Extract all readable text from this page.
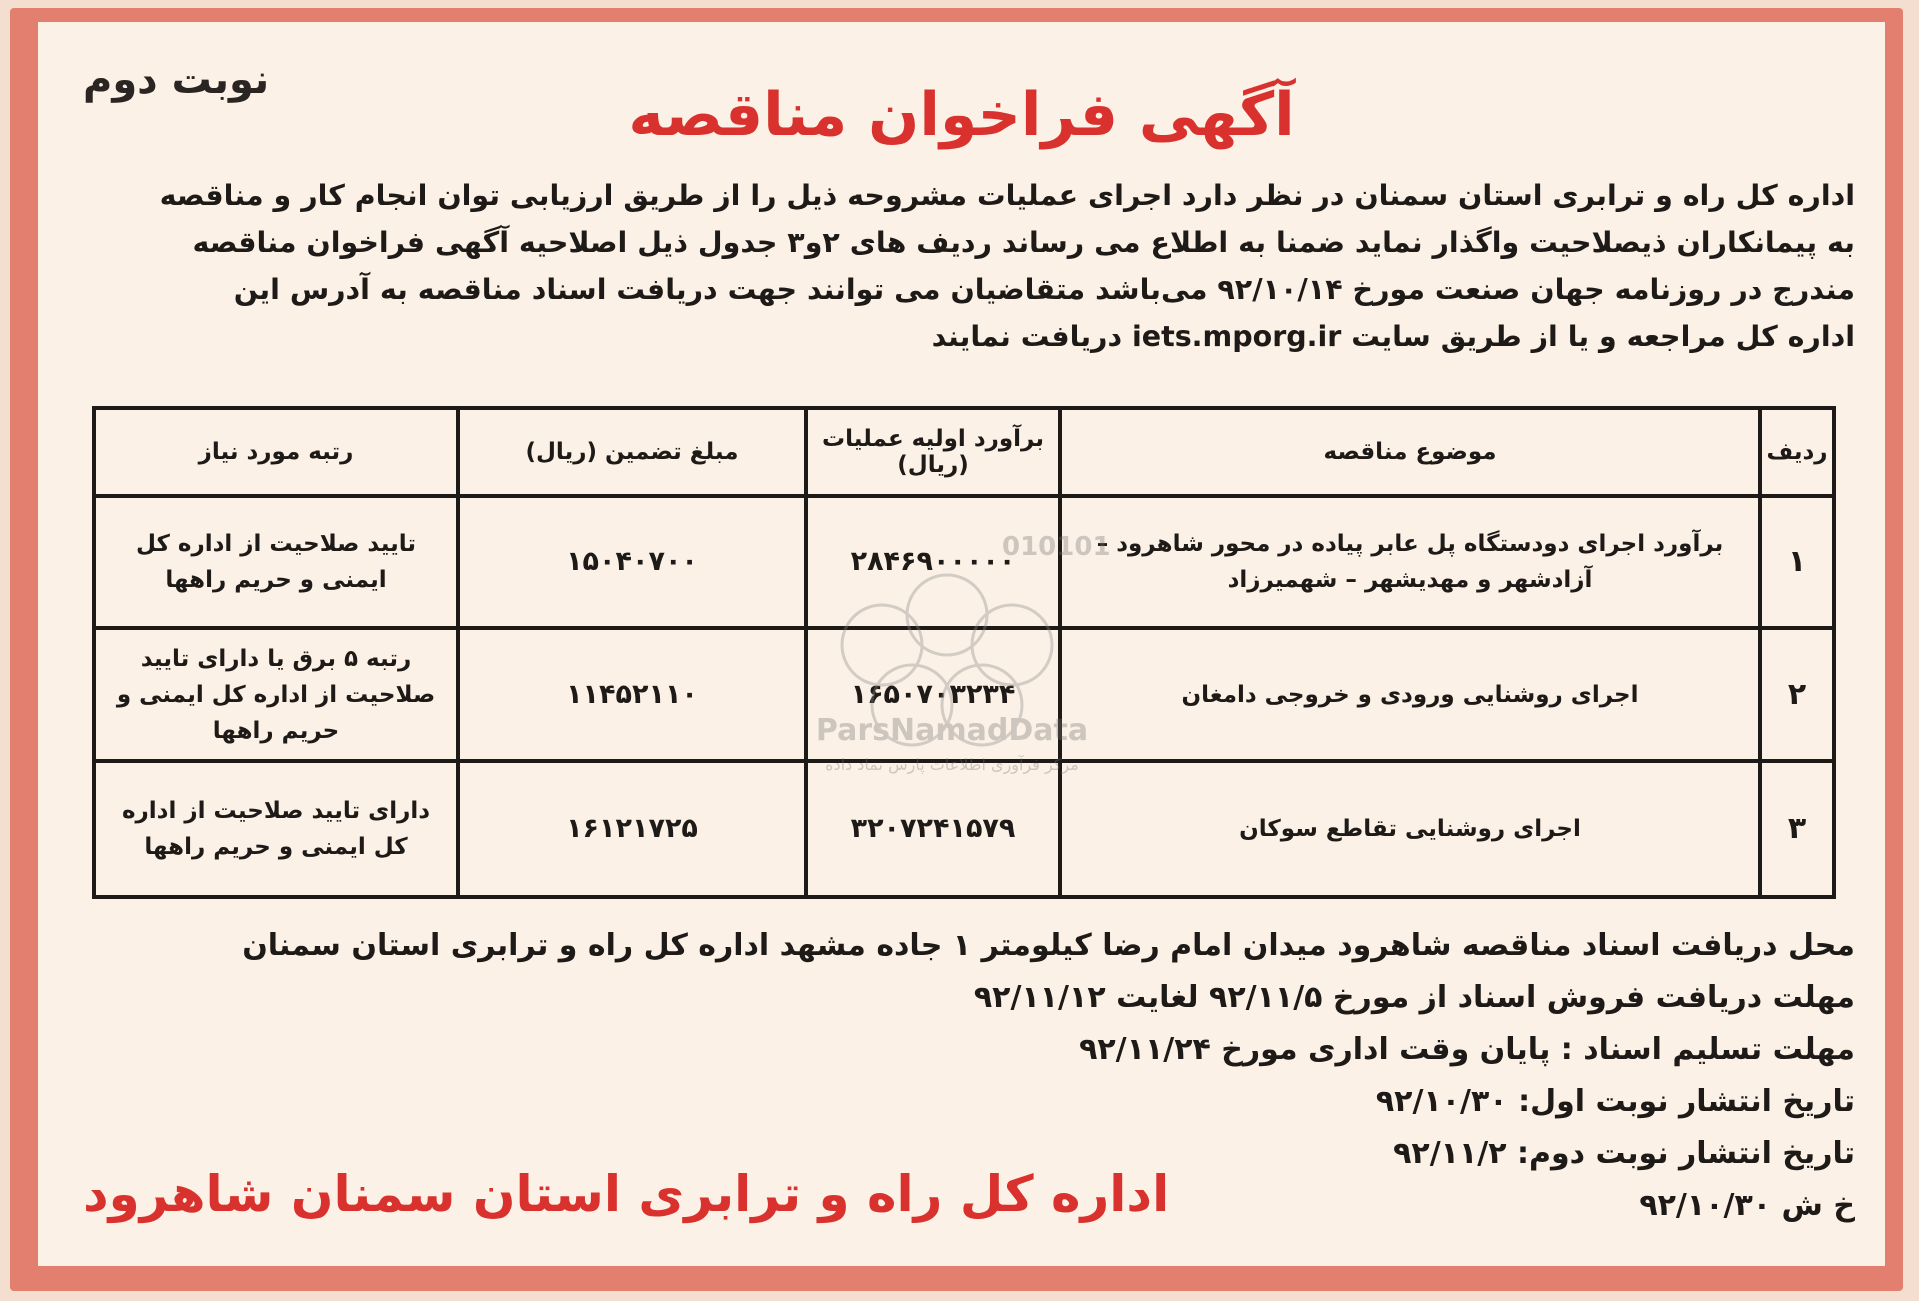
نوبت دوم	آگهی فراخوان مناقصه
اداره کل راه و ترابری استان سمنان در نظر دارد اجرای عملیات مشروحه ذیل را از طریق ارزیابی توان انجام کار و مناقصه
به پیمانکاران ذیصلاحیت واگذار نماید ضمنا به اطلاع می رساند ردیف های ۲و۳ جدول ذیل اصلاحیه آگهی فراخوان مناقصه
مندرج در روزنامه جهان صنعت مورخ ۹۲/۱۰/۱۴ می‌باشد متقاضیان می توانند جهت دریافت اسناد مناقصه به آدرس این
اداره کل مراجعه و یا از طریق سایت iets.mporg.ir دریافت نمایند
ردیف	موضوع مناقصه	برآورد اولیه عملیات (ریال)	مبلغ تضمین (ریال)	رتبه مورد نیاز
۱	برآورد اجرای دودستگاه پل عابر پیاده در محور شاهرود – آزادشهر و مهدیشهر – شهمیرزاد	۲۸۴۶۹۰۰۰۰۰	۱۵۰۴۰۷۰۰	تایید صلاحیت از اداره کل ایمنی و حریم راهها
۲	اجرای روشنایی ورودی و خروجی دامغان	۱۶۵۰۷۰۳۲۳۴	۱۱۴۵۲۱۱۰	رتبه ۵ برق یا دارای تایید صلاحیت از اداره کل ایمنی و حریم راهها
۳	اجرای روشنایی تقاطع سوکان	۳۲۰۷۲۴۱۵۷۹	۱۶۱۲۱۷۲۵	دارای تایید صلاحیت از اداره کل ایمنی و حریم راهها
محل دریافت اسناد مناقصه شاهرود میدان امام رضا کیلومتر ۱ جاده مشهد اداره کل راه و ترابری استان سمنان
مهلت دریافت فروش اسناد از مورخ ۹۲/۱۱/۵ لغایت ۹۲/۱۱/۱۲
مهلت تسلیم اسناد : پایان وقت اداری مورخ ۹۲/۱۱/۲۴
تاریخ انتشار نوبت اول: ۹۲/۱۰/۳۰
تاریخ انتشار نوبت دوم: ۹۲/۱۱/۲
خ ش ۹۲/۱۰/۳۰
اداره کل راه و ترابری استان سمنان شاهرود
010101
ParsNamadData
مرکز فرآوری اطلاعات پارس نماد داده
